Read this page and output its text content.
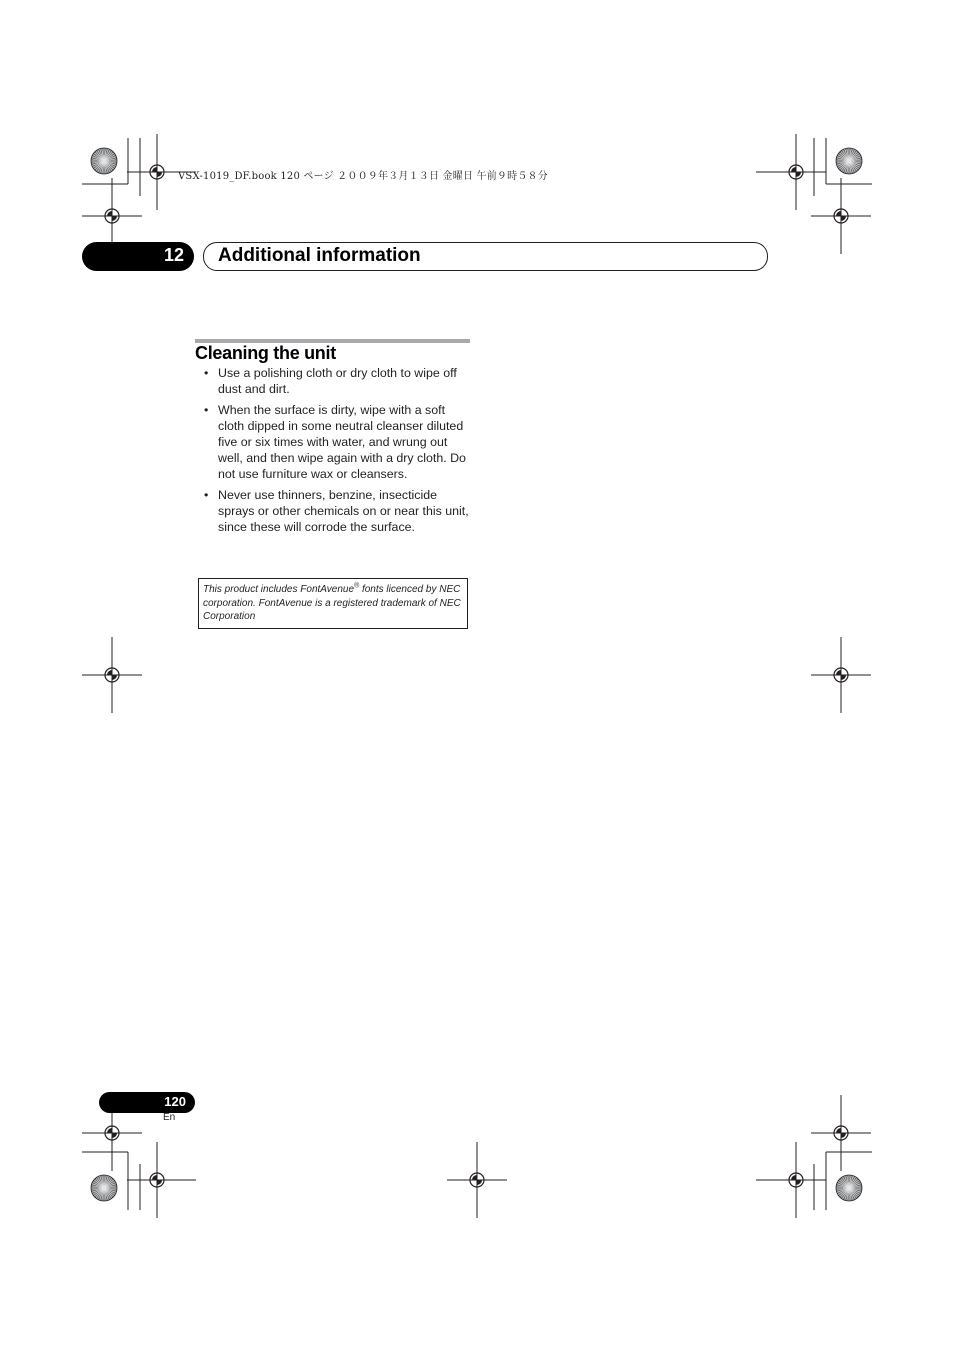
VSX-1019_DF.book 120 ページ ２００９年３月１３日 金曜日 午前９時５８分
12 Additional information
Cleaning the unit
• Use a polishing cloth or dry cloth to wipe off dust and dirt.
• When the surface is dirty, wipe with a soft cloth dipped in some neutral cleanser diluted five or six times with water, and wrung out well, and then wipe again with a dry cloth. Do not use furniture wax or cleansers.
• Never use thinners, benzine, insecticide sprays or other chemicals on or near this unit, since these will corrode the surface.
This product includes FontAvenue® fonts licenced by NEC corporation. FontAvenue is a registered trademark of NEC Corporation
120
En
